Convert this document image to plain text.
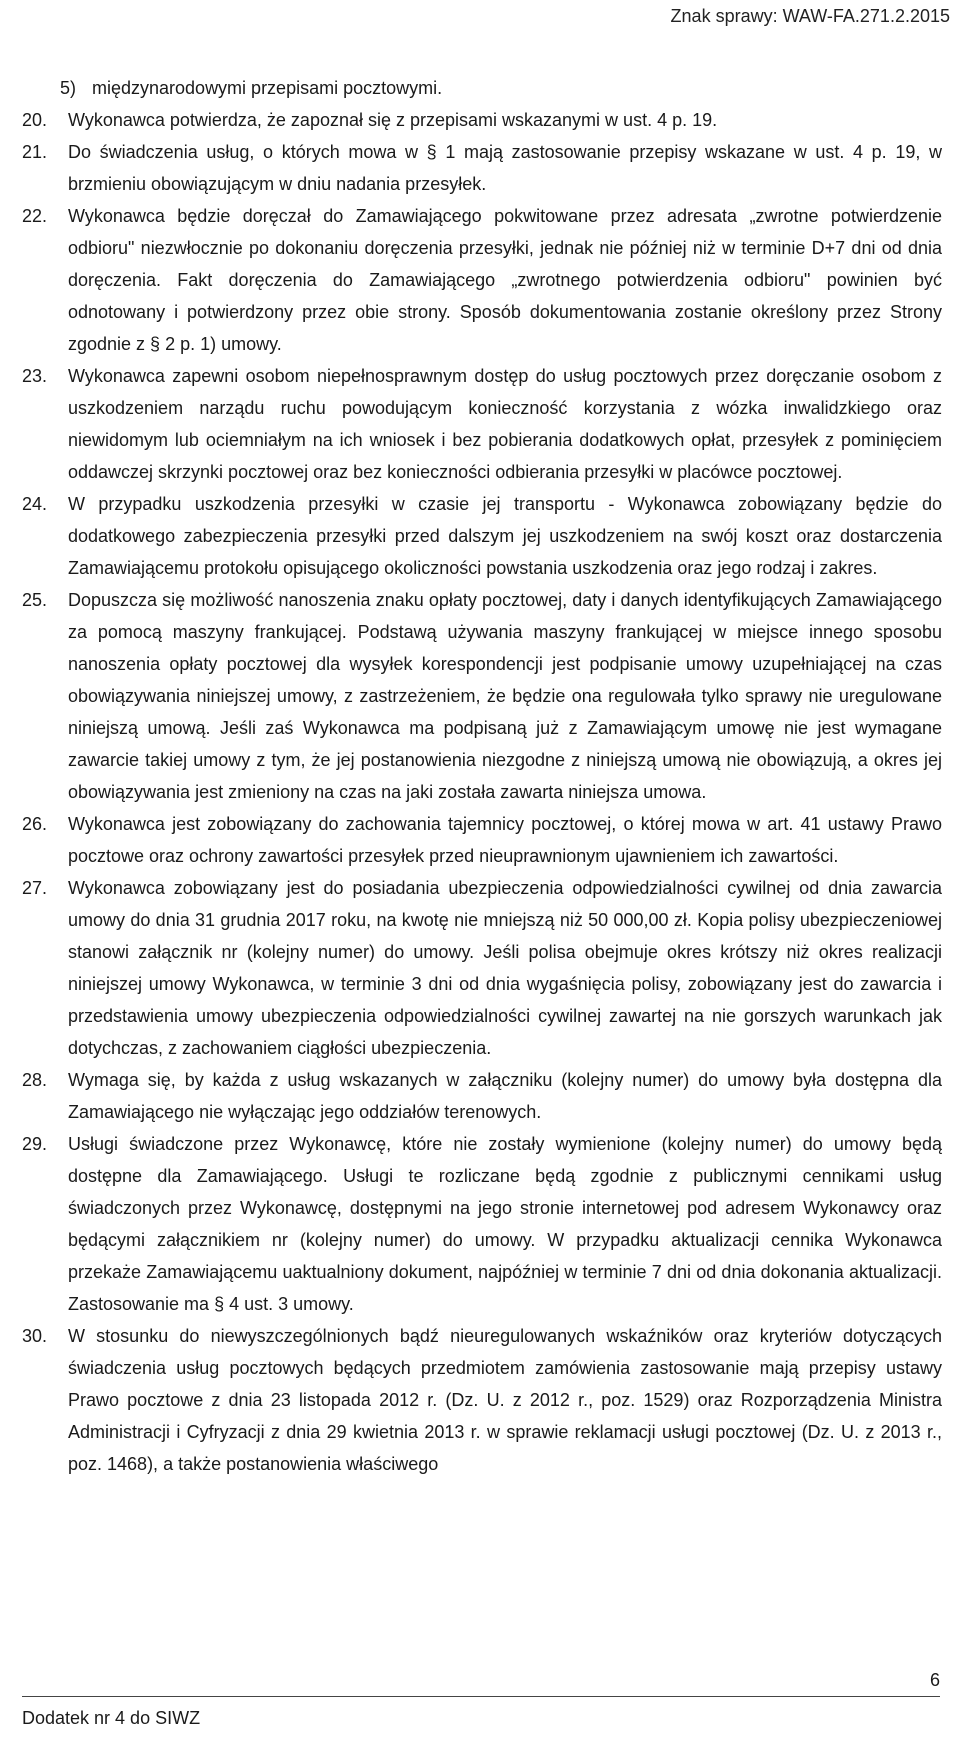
Znak sprawy: WAW-FA.271.2.2015
5) międzynarodowymi przepisami pocztowymi.
20.	Wykonawca potwierdza, że zapoznał się z przepisami wskazanymi w ust. 4 p. 19.
21.	Do świadczenia usług, o których mowa w § 1 mają zastosowanie przepisy wskazane w ust. 4 p. 19, w brzmieniu obowiązującym w dniu nadania przesyłek.
22.	Wykonawca będzie doręczał do Zamawiającego pokwitowane przez adresata „zwrotne potwierdzenie odbioru" niezwłocznie po dokonaniu doręczenia przesyłki, jednak nie później niż w terminie D+7 dni od dnia doręczenia. Fakt doręczenia do Zamawiającego „zwrotnego potwierdzenia odbioru" powinien być odnotowany i potwierdzony przez obie strony. Sposób dokumentowania zostanie określony przez Strony zgodnie z § 2 p. 1) umowy.
23.	Wykonawca zapewni osobom niepełnosprawnym dostęp do usług pocztowych przez doręczanie osobom z uszkodzeniem narządu ruchu powodującym konieczność korzystania z wózka inwalidzkiego oraz niewidomym lub ociemniałym na ich wniosek i bez pobierania dodatkowych opłat, przesyłek z pominięciem oddawczej skrzynki pocztowej oraz bez konieczności odbierania przesyłki w placówce pocztowej.
24.	W przypadku uszkodzenia przesyłki w czasie jej transportu - Wykonawca zobowiązany będzie do dodatkowego zabezpieczenia przesyłki przed dalszym jej uszkodzeniem na swój koszt oraz dostarczenia Zamawiającemu protokołu opisującego okoliczności powstania uszkodzenia oraz jego rodzaj i zakres.
25.	Dopuszcza się możliwość nanoszenia znaku opłaty pocztowej, daty i danych identyfikujących Zamawiającego za pomocą maszyny frankującej. Podstawą używania maszyny frankującej w miejsce innego sposobu nanoszenia opłaty pocztowej dla wysyłek korespondencji jest podpisanie umowy uzupełniającej na czas obowiązywania niniejszej umowy, z zastrzeżeniem, że będzie ona regulowała tylko sprawy nie uregulowane niniejszą umową. Jeśli zaś Wykonawca ma podpisaną już z Zamawiającym umowę nie jest wymagane zawarcie takiej umowy z tym, że jej postanowienia niezgodne z niniejszą umową nie obowiązują, a okres jej obowiązywania jest zmieniony na czas na jaki została zawarta niniejsza umowa.
26.	Wykonawca jest zobowiązany do zachowania tajemnicy pocztowej, o której mowa w art. 41 ustawy Prawo pocztowe oraz ochrony zawartości przesyłek przed nieuprawnionym ujawnieniem ich zawartości.
27.	Wykonawca zobowiązany jest do posiadania ubezpieczenia odpowiedzialności cywilnej od dnia zawarcia umowy do dnia 31 grudnia 2017 roku, na kwotę nie mniejszą niż 50 000,00 zł. Kopia polisy ubezpieczeniowej stanowi załącznik nr (kolejny numer) do umowy. Jeśli polisa obejmuje okres krótszy niż okres realizacji niniejszej umowy Wykonawca, w terminie 3 dni od dnia wygaśnięcia polisy, zobowiązany jest do zawarcia i przedstawienia umowy ubezpieczenia odpowiedzialności cywilnej zawartej na nie gorszych warunkach jak dotychczas, z zachowaniem ciągłości ubezpieczenia.
28.	Wymaga się, by każda z usług wskazanych w załączniku (kolejny numer) do umowy była dostępna dla Zamawiającego nie wyłączając jego oddziałów terenowych.
29.	Usługi świadczone przez Wykonawcę, które nie zostały wymienione (kolejny numer) do umowy będą dostępne dla Zamawiającego. Usługi te rozliczane będą zgodnie z publicznymi cennikami usług świadczonych przez Wykonawcę, dostępnymi na jego stronie internetowej pod adresem Wykonawcy oraz będącymi załącznikiem nr (kolejny numer) do umowy. W przypadku aktualizacji cennika Wykonawca przekaże Zamawiającemu uaktualniony dokument, najpóźniej w terminie 7 dni od dnia dokonania aktualizacji. Zastosowanie ma § 4 ust. 3 umowy.
30.	W stosunku do niewyszczególnionych bądź nieuregulowanych wskaźników oraz kryteriów dotyczących świadczenia usług pocztowych będących przedmiotem zamówienia zastosowanie mają przepisy ustawy Prawo pocztowe z dnia 23 listopada 2012 r. (Dz. U. z 2012 r., poz. 1529) oraz Rozporządzenia Ministra Administracji i Cyfryzacji z dnia 29 kwietnia 2013 r. w sprawie reklamacji usługi pocztowej (Dz. U. z 2013 r., poz. 1468), a także postanowienia właściwego
6
Dodatek nr 4 do SIWZ
